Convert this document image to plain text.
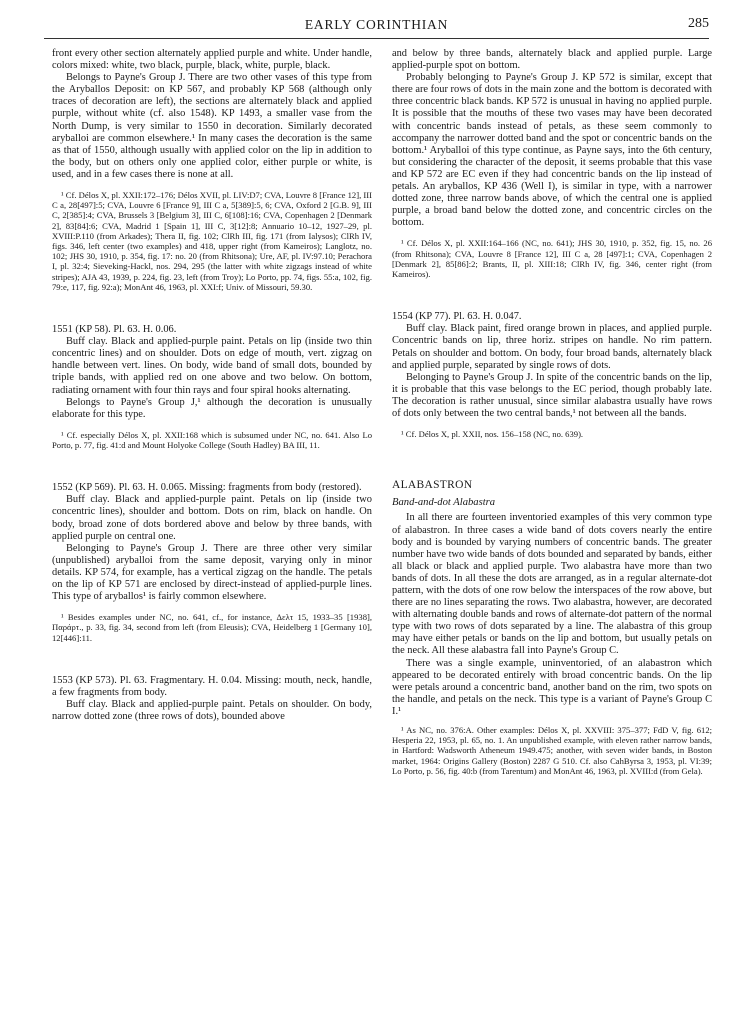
EARLY CORINTHIAN	285

front every other section alternately applied purple and white. Under handle, colors mixed: white, two black, purple, black, white, purple, black.

Belongs to Payne's Group J. There are two other vases of this type from the Aryballos Deposit: on KP 567, and probably KP 568 (although only traces of decoration are left), the sections are alternately black and applied purple, without white (cf. also 1548). KP 1493, a smaller vase from the North Dump, is very similar to 1550 in decoration. Similarly decorated aryballoi are common elsewhere.¹ In many cases the decoration is the same as that of 1550, although usually with applied color on the lip in addition to the body, but on others only one applied color, either purple or white, is used, and in a few cases there is none at all.

¹ Cf. Délos X, pl. XXII:172–176; Délos XVII, pl. LIV:D7; CVA, Louvre 8 [France 12], III C a, 28[497]:5; CVA, Louvre 6 [France 9], III C a, 5[389]:5, 6; CVA, Oxford 2 [G.B. 9], III C, 2[385]:4; CVA, Brussels 3 [Belgium 3], III C, 6[108]:16; CVA, Copenhagen 2 [Denmark 2], 83[84]:6; CVA, Madrid 1 [Spain 1], III C, 3[12]:8; Annuario 10–12, 1927–29, pl. XVIII:P.110 (from Arkades); Thera II, fig. 102; ClRh III, fig. 171 (from Ialysos); ClRh IV, figs. 346, left center (two examples) and 418, upper right (from Kameiros); Langlotz, no. 102; JHS 30, 1910, p. 354, fig. 17: no. 20 (from Rhitsona); Ure, AF, pl. IV:97.10; Perachora I, pl. 32:4; Sieveking-Hackl, nos. 294, 295 (the latter with white zigzags instead of white stripes); AJA 43, 1939, p. 224, fig. 23, left (from Troy); Lo Porto, pp. 74, figs. 55:a, 102, fig. 79:e, 117, fig. 92:a); MonAnt 46, 1963, pl. XXI:f; Univ. of Missouri, 59.30.

1551 (KP 58). Pl. 63. H. 0.06.

Buff clay. Black and applied-purple paint. Petals on lip (inside two thin concentric lines) and on shoulder. Dots on edge of mouth, vert. zigzag on handle between vert. lines. On body, wide band of small dots, bounded by triple bands, with applied red on one above and two below. On bottom, radiating ornament with four thin rays and four spiral hooks alternating.

Belongs to Payne's Group J,¹ although the decoration is unusually elaborate for this type.

¹ Cf. especially Délos X, pl. XXII:168 which is subsumed under NC, no. 641. Also Lo Porto, p. 77, fig. 41:d and Mount Holyoke College (South Hadley) BA III, 11.

1552 (KP 569). Pl. 63. H. 0.065. Missing: fragments from body (restored).

Buff clay. Black and applied-purple paint. Petals on lip (inside two concentric lines), shoulder and bottom. Dots on rim, black on handle. On body, broad zone of dots bordered above and below by three bands, with applied purple on central one.

Belonging to Payne's Group J. There are three other very similar (unpublished) aryballoi from the same deposit, varying only in minor details. KP 574, for example, has a vertical zigzag on the handle. The petals on the lip of KP 571 are enclosed by direct-instead of applied-purple lines. This type of aryballos¹ is fairly common elsewhere.

¹ Besides examples under NC, no. 641, cf., for instance, Δελτ 15, 1933–35 [1938], Παράρτ., p. 33, fig. 34, second from left (from Eleusis); CVA, Heidelberg 1 [Germany 10], 12[446]:11.

1553 (KP 573). Pl. 63. Fragmentary. H. 0.04. Missing: mouth, neck, handle, a few fragments from body.

Buff clay. Black and applied-purple paint. Petals on shoulder. On body, narrow dotted zone (three rows of dots), bounded above

and below by three bands, alternately black and applied purple. Large applied-purple spot on bottom.

Probably belonging to Payne's Group J. KP 572 is similar, except that there are four rows of dots in the main zone and the bottom is decorated with three concentric black bands. KP 572 is unusual in having no applied purple. It is possible that the mouths of these two vases may have been decorated with concentric bands instead of petals, as these seem commonly to accompany the narrower dotted band and the spot or concentric bands on the bottom.¹ Aryballoi of this type continue, as Payne says, into the 6th century, but considering the character of the deposit, it seems probable that this vase and KP 572 are EC even if they had concentric bands on the lip instead of petals. An aryballos, KP 436 (Well I), is similar in type, with a narrower dotted zone, three narrow bands above, of which the central one is applied purple, a broad band below the dotted zone, and concentric circles on the bottom.

¹ Cf. Délos X, pl. XXII:164–166 (NC, no. 641); JHS 30, 1910, p. 352, fig. 15, no. 26 (from Rhitsona); CVA, Louvre 8 [France 12], III C a, 28 [497]:1; CVA, Copenhagen 2 [Denmark 2], 85[86]:2; Brants, II, pl. XIII:18; ClRh IV, fig. 346, center right (from Kameiros).

1554 (KP 77). Pl. 63. H. 0.047.

Buff clay. Black paint, fired orange brown in places, and applied purple. Concentric bands on lip, three horiz. stripes on handle. No rim pattern. Petals on shoulder and bottom. On body, four broad bands, alternately black and applied purple, separated by single rows of dots.

Belonging to Payne's Group J. In spite of the concentric bands on the lip, it is probable that this vase belongs to the EC period, though probably late. The decoration is rather unusual, since similar alabastra usually have rows of dots only between the two central bands,¹ not between all the bands.

¹ Cf. Délos X, pl. XXII, nos. 156–158 (NC, no. 639).

ALABASTRON
Band-and-dot Alabastra

In all there are fourteen inventoried examples of this very common type of alabastron. In three cases a wide band of dots covers nearly the entire body and is bounded by varying numbers of concentric bands. The greater number have two wide bands of dots bounded and separated by bands, either all black or black and applied purple. Two alabastra have more than two bands of dots. In all these the dots are arranged, as in a regular alternate-dot pattern, with the dots of one row below the interspaces of the row above, but there are no lines separating the rows. Two alabastra, however, are decorated with alternating double bands and rows of alternate-dot pattern of the normal type with two rows of dots separated by a line. The alabastra of this group may have either petals or bands on the lip and bottom, but usually petals on the neck. All these alabastra fall into Payne's Group C.

There was a single example, uninventoried, of an alabastron which appeared to be decorated entirely with broad concentric bands. On the lip were petals around a concentric band, another band on the rim, two spots on the handle, and petals on the neck. This type is a variant of Payne's Group C I.¹

¹ As NC, no. 376:A. Other examples: Délos X, pl. XXVIII: 375–377; FdD V, fig. 612; Hesperia 22, 1953, pl. 65, no. 1. An unpublished example, with eleven rather narrow bands, in Hartford: Wadsworth Atheneum 1949.475; another, with seven wider bands, in Boston market, 1964: Origins Gallery (Boston) 2287 G 510. Cf. also CahByrsa 3, 1953, pl. VI:39; Lo Porto, p. 56, fig. 40:b (from Tarentum) and MonAnt 46, 1963, pl. XVIII:d (from Gela).
